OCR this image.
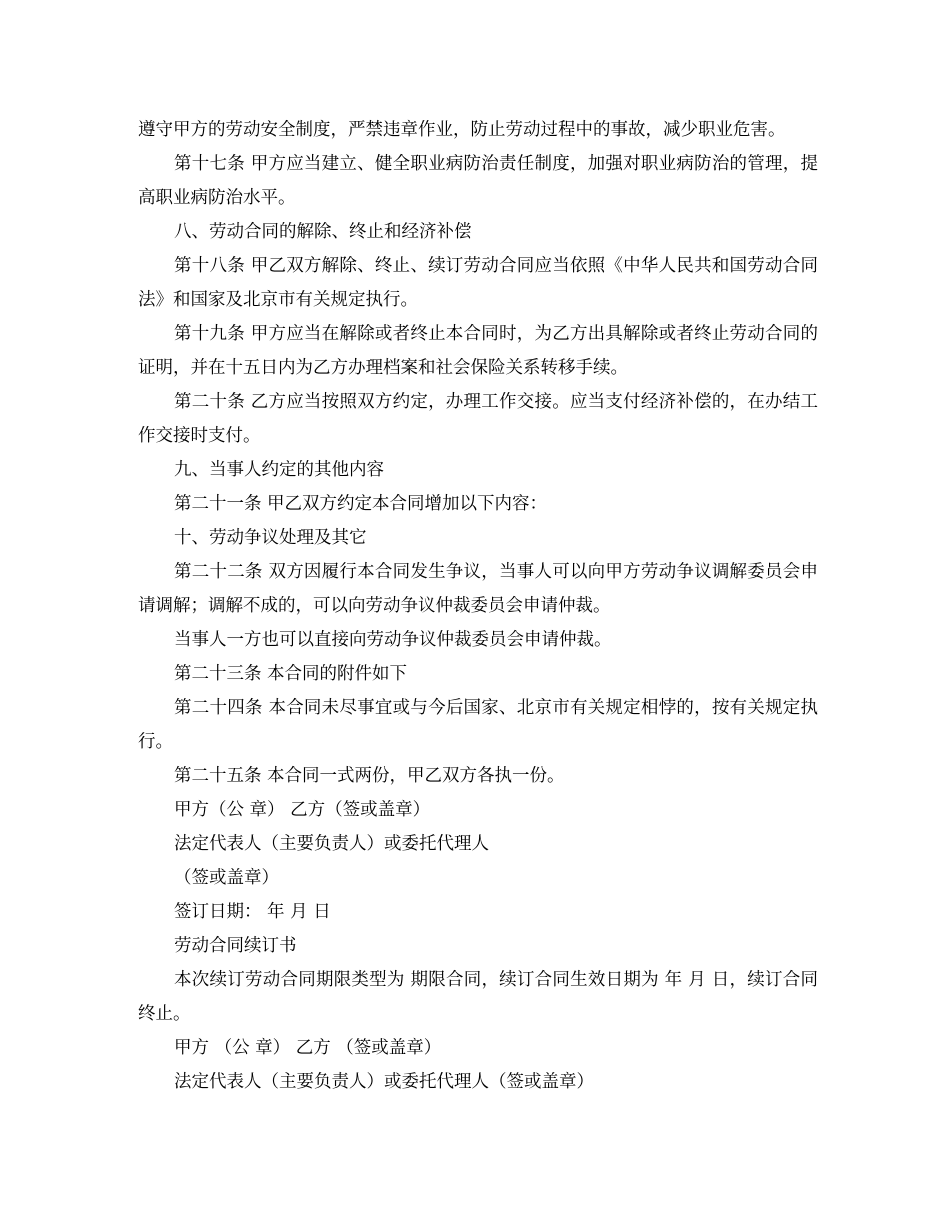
遵守甲方的劳动安全制度，严禁违章作业，防止劳动过程中的事故，减少职业危害。

第十七条 甲方应当建立、健全职业病防治责任制度，加强对职业病防治的管理，提高职业病防治水平。

八、劳动合同的解除、终止和经济补偿

第十八条 甲乙双方解除、终止、续订劳动合同应当依照《中华人民共和国劳动合同法》和国家及北京市有关规定执行。

第十九条 甲方应当在解除或者终止本合同时，为乙方出具解除或者终止劳动合同的证明，并在十五日内为乙方办理档案和社会保险关系转移手续。

第二十条 乙方应当按照双方约定，办理工作交接。应当支付经济补偿的，在办结工作交接时支付。

九、当事人约定的其他内容

第二十一条 甲乙双方约定本合同增加以下内容：

十、劳动争议处理及其它

第二十二条 双方因履行本合同发生争议，当事人可以向甲方劳动争议调解委员会申请调解；调解不成的，可以向劳动争议仲裁委员会申请仲裁。

当事人一方也可以直接向劳动争议仲裁委员会申请仲裁。

第二十三条 本合同的附件如下

第二十四条 本合同未尽事宜或与今后国家、北京市有关规定相悖的，按有关规定执行。

第二十五条 本合同一式两份，甲乙双方各执一份。

甲方（公 章） 乙方（签或盖章）

法定代表人（主要负责人）或委托代理人

（签或盖章）

签订日期： 年 月 日

劳动合同续订书

本次续订劳动合同期限类型为 期限合同，续订合同生效日期为 年 月 日，续订合同 终止。

甲方 （公 章） 乙方 （签或盖章）

法定代表人（主要负责人）或委托代理人（签或盖章）
